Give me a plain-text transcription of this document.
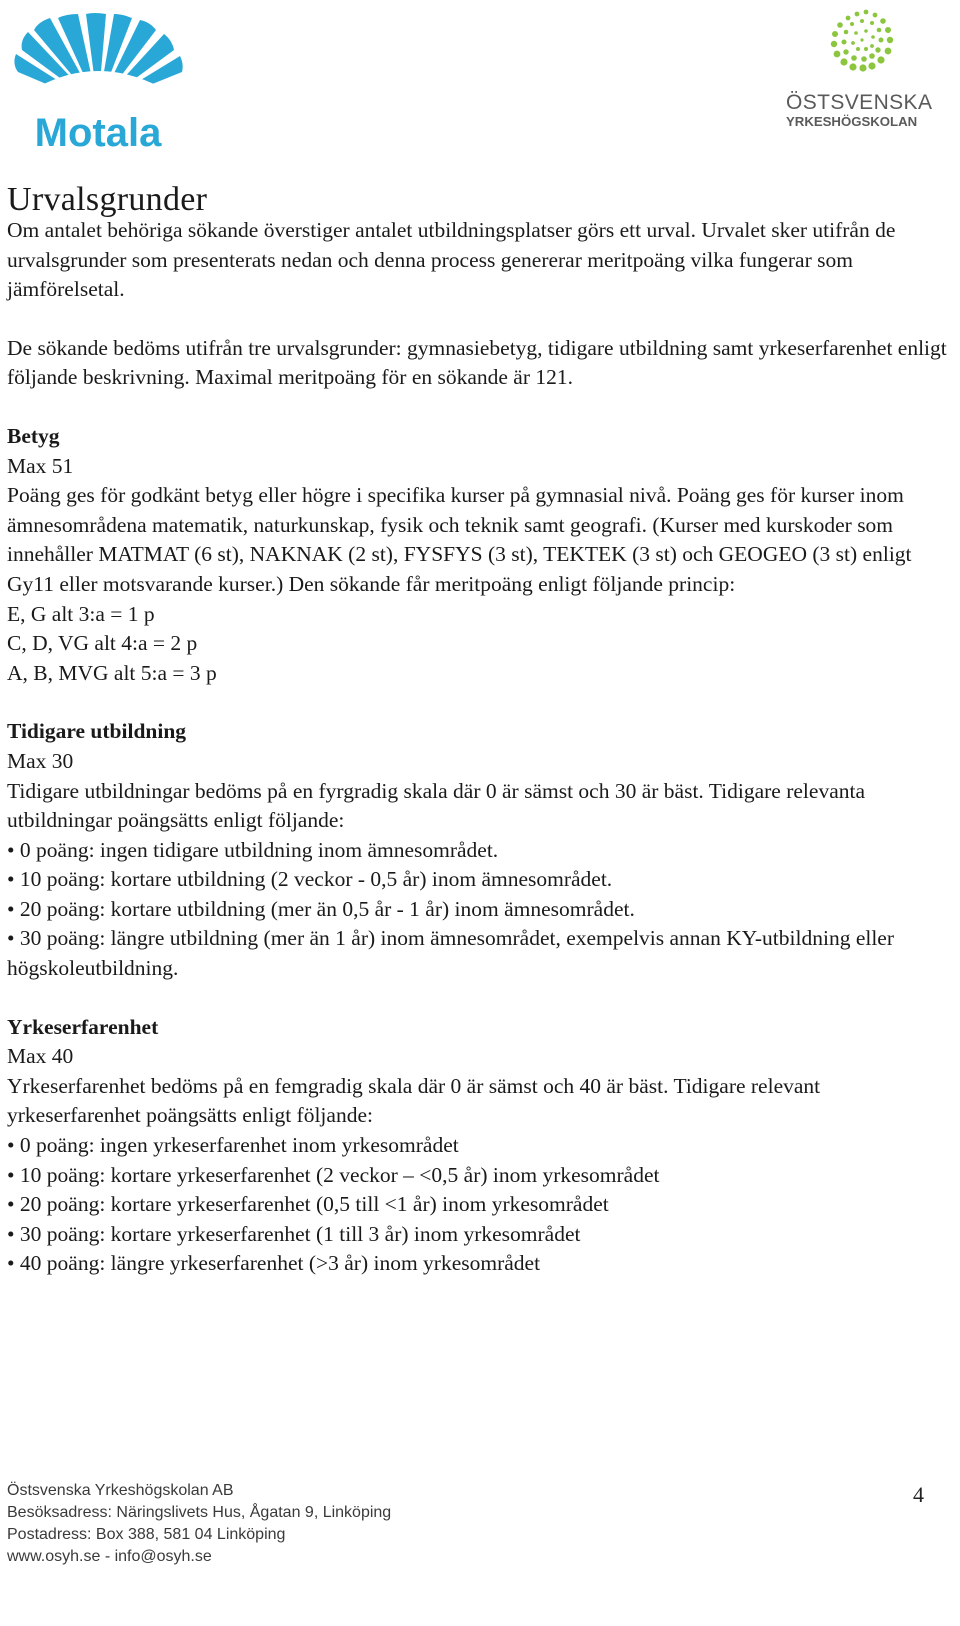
Motala
ÖSTSVENSKA
YRKESHÖGSKOLAN
Urvalsgrunder

Om antalet behöriga sökande överstiger antalet utbildningsplatser görs ett urval. Urvalet sker utifrån de urvalsgrunder som presenterats nedan och denna process genererar meritpoäng vilka fungerar som jämförelsetal.

De sökande bedöms utifrån tre urvalsgrunder: gymnasiebetyg, tidigare utbildning samt yrkeserfarenhet enligt följande beskrivning. Maximal meritpoäng för en sökande är 121.

Betyg

Max 51

Poäng ges för godkänt betyg eller högre i specifika kurser på gymnasial nivå. Poäng ges för kurser inom ämnesområdena matematik, naturkunskap, fysik och teknik samt geografi. (Kurser med kurskoder som innehåller MATMAT (6 st), NAKNAK (2 st), FYSFYS (3 st), TEKTEK (3 st) och GEOGEO (3 st) enligt Gy11 eller motsvarande kurser.) Den sökande får meritpoäng enligt följande princip:

E, G alt 3:a = 1 p

C, D, VG alt 4:a = 2 p

A, B, MVG alt 5:a = 3 p

Tidigare utbildning

Max 30

Tidigare utbildningar bedöms på en fyrgradig skala där 0 är sämst och 30 är bäst. Tidigare relevanta utbildningar poängsätts enligt följande:

• 0 poäng: ingen tidigare utbildning inom ämnesområdet.
• 10 poäng: kortare utbildning (2 veckor - 0,5 år) inom ämnesområdet.
• 20 poäng: kortare utbildning (mer än 0,5 år - 1 år) inom ämnesområdet.
• 30 poäng: längre utbildning (mer än 1 år) inom ämnesområdet, exempelvis annan KY-utbildning eller högskoleutbildning.
Yrkeserfarenhet

Max 40

Yrkeserfarenhet bedöms på en femgradig skala där 0 är sämst och 40 är bäst. Tidigare relevant yrkeserfarenhet poängsätts enligt följande:

• 0 poäng: ingen yrkeserfarenhet inom yrkesområdet
• 10 poäng: kortare yrkeserfarenhet (2 veckor – <0,5 år) inom yrkesområdet
• 20 poäng: kortare yrkeserfarenhet (0,5 till <1 år) inom yrkesområdet
• 30 poäng: kortare yrkeserfarenhet (1 till 3 år) inom yrkesområdet
• 40 poäng: längre yrkeserfarenhet (>3 år) inom yrkesområdet
Östsvenska Yrkeshögskolan AB
Besöksadress: Näringslivets Hus, Ågatan 9, Linköping
Postadress: Box 388, 581 04 Linköping
www.osyh.se - info@osyh.se
4
